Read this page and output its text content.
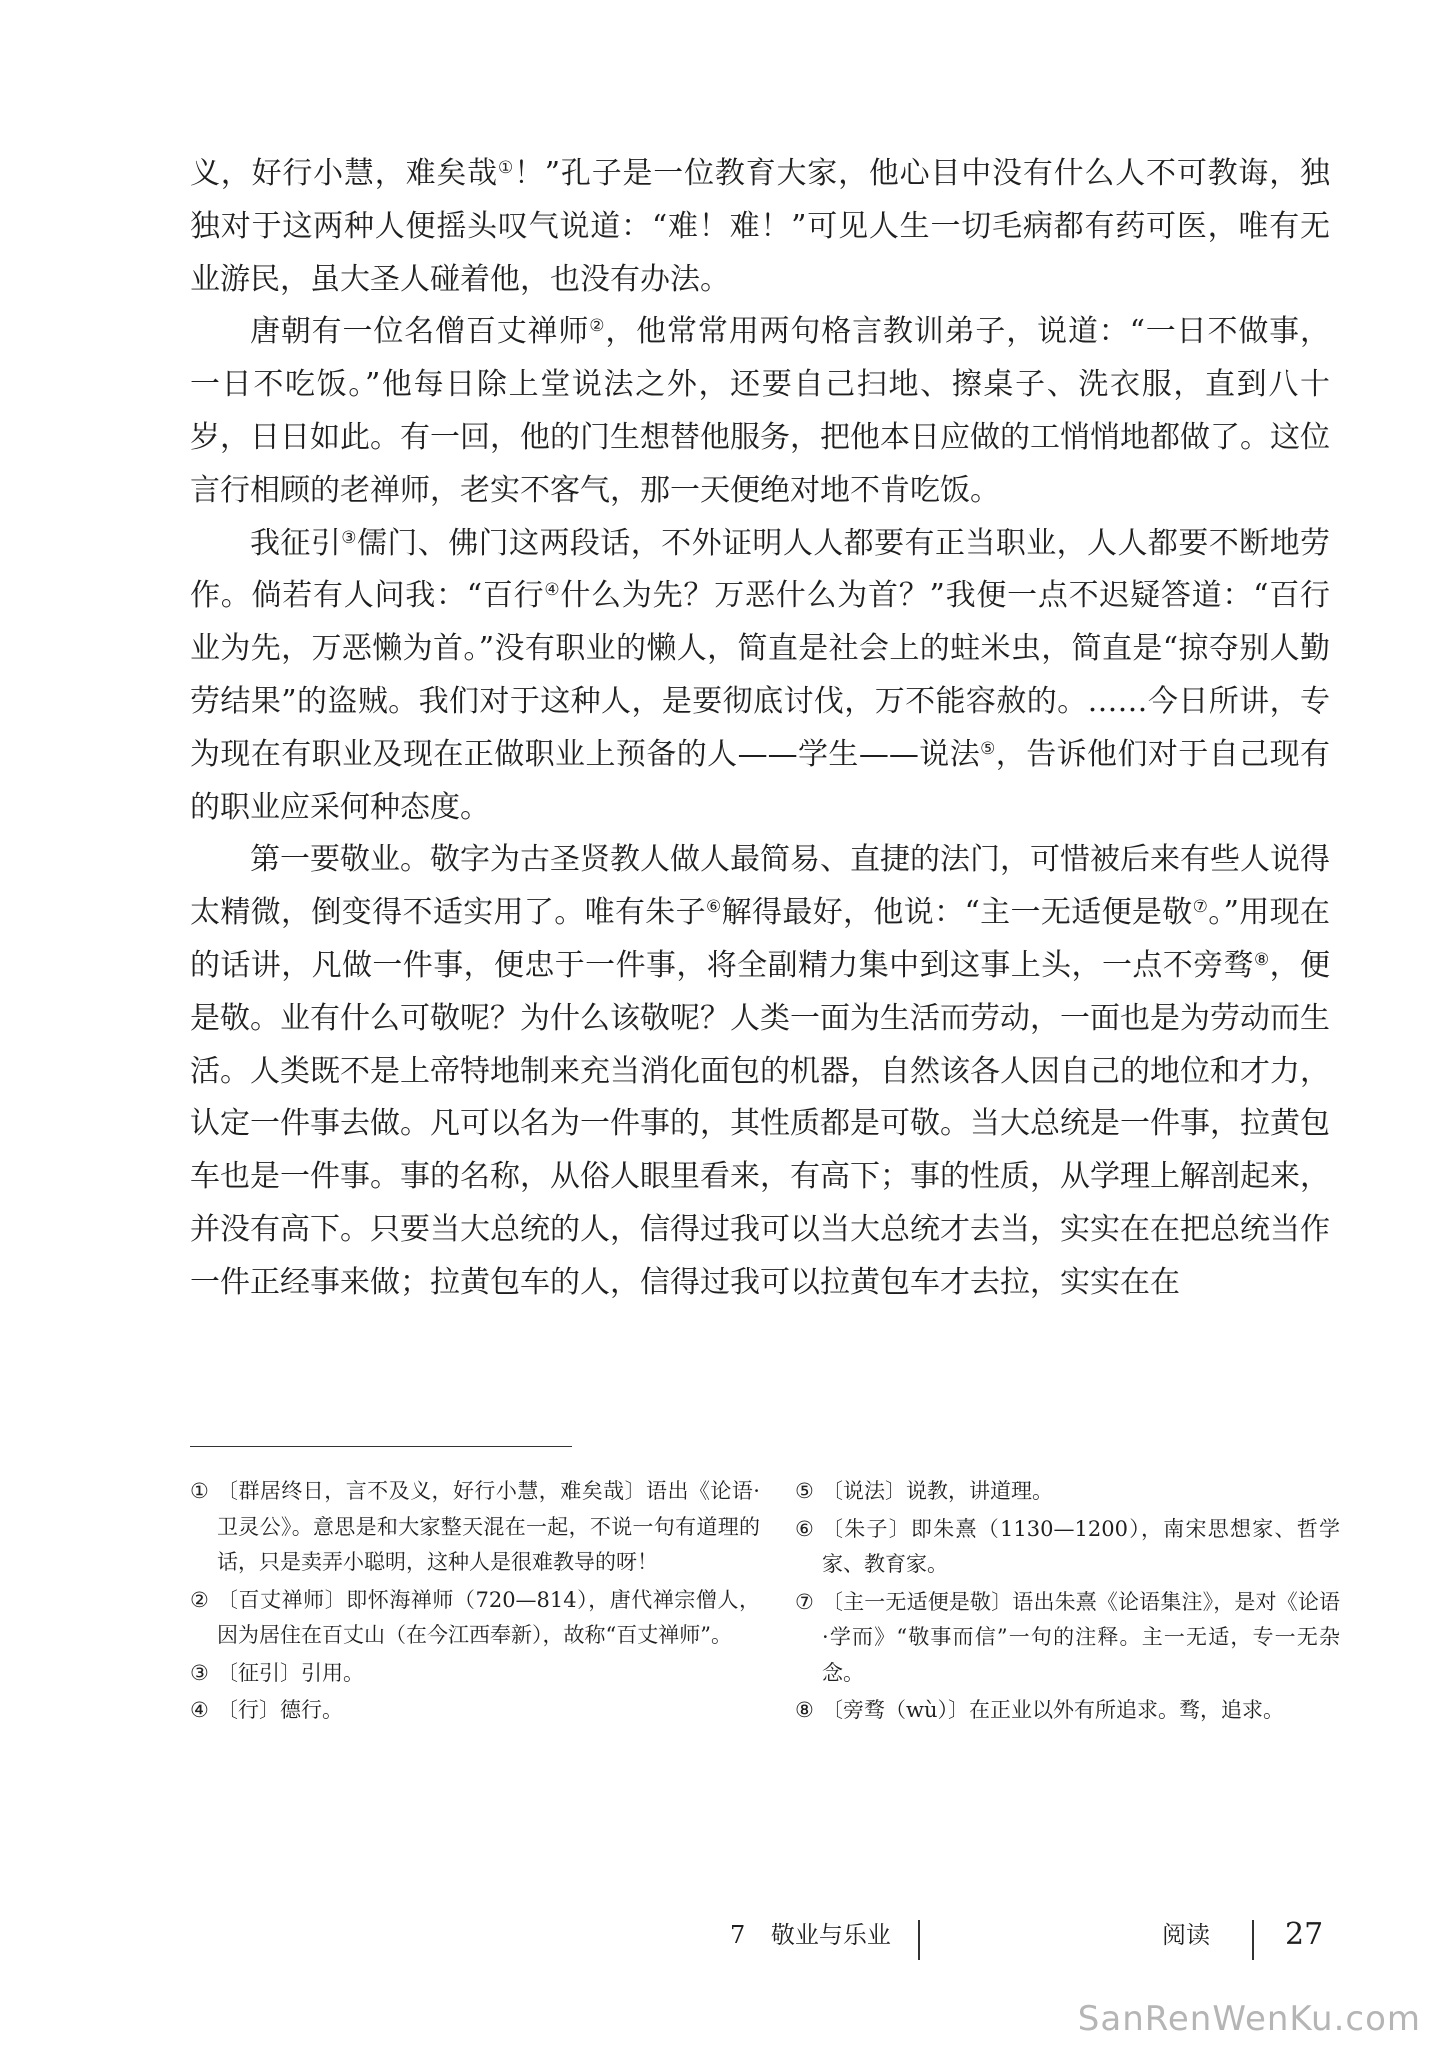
义，好行小慧，难矣哉①！”孔子是一位教育大家，他心目中没有什么人不可教诲，独独对于这两种人便摇头叹气说道：“难！难！”可见人生一切毛病都有药可医，唯有无业游民，虽大圣人碰着他，也没有办法。

唐朝有一位名僧百丈禅师②，他常常用两句格言教训弟子，说道：“一日不做事，一日不吃饭。”他每日除上堂说法之外，还要自己扫地、擦桌子、洗衣服，直到八十岁，日日如此。有一回，他的门生想替他服务，把他本日应做的工悄悄地都做了。这位言行相顾的老禅师，老实不客气，那一天便绝对地不肯吃饭。

我征引③儒门、佛门这两段话，不外证明人人都要有正当职业，人人都要不断地劳作。倘若有人问我：“百行④什么为先？万恶什么为首？”我便一点不迟疑答道：“百行业为先，万恶懒为首。”没有职业的懒人，简直是社会上的蛀米虫，简直是“掠夺别人勤劳结果”的盗贼。我们对于这种人，是要彻底讨伐，万不能容赦的。……今日所讲，专为现在有职业及现在正做职业上预备的人——学生——说法⑤，告诉他们对于自己现有的职业应采何种态度。

第一要敬业。敬字为古圣贤教人做人最简易、直捷的法门，可惜被后来有些人说得太精微，倒变得不适实用了。唯有朱子⑥解得最好，他说：“主一无适便是敬⑦。”用现在的话讲，凡做一件事，便忠于一件事，将全副精力集中到这事上头，一点不旁骛⑧，便是敬。业有什么可敬呢？为什么该敬呢？人类一面为生活而劳动，一面也是为劳动而生活。人类既不是上帝特地制来充当消化面包的机器，自然该各人因自己的地位和才力，认定一件事去做。凡可以名为一件事的，其性质都是可敬。当大总统是一件事，拉黄包车也是一件事。事的名称，从俗人眼里看来，有高下；事的性质，从学理上解剖起来，并没有高下。只要当大总统的人，信得过我可以当大总统才去当，实实在在把总统当作一件正经事来做；拉黄包车的人，信得过我可以拉黄包车才去拉，实实在在

① 〔群居终日，言不及义，好行小慧，难矣哉〕语出《论语·卫灵公》。意思是和大家整天混在一起，不说一句有道理的话，只是卖弄小聪明，这种人是很难教导的呀！
② 〔百丈禅师〕即怀海禅师（720—814），唐代禅宗僧人，因为居住在百丈山（在今江西奉新），故称“百丈禅师”。
③ 〔征引〕引用。
④ 〔行〕德行。
⑤ 〔说法〕说教，讲道理。
⑥ 〔朱子〕即朱熹（1130—1200），南宋思想家、哲学家、教育家。
⑦ 〔主一无适便是敬〕语出朱熹《论语集注》，是对《论语·学而》“敬事而信”一句的注释。主一无适，专一无杂念。
⑧ 〔旁骛（wù）〕在正业以外有所追求。骛，追求。
7 敬业与乐业	阅读	27
SanRenWenKu.com
